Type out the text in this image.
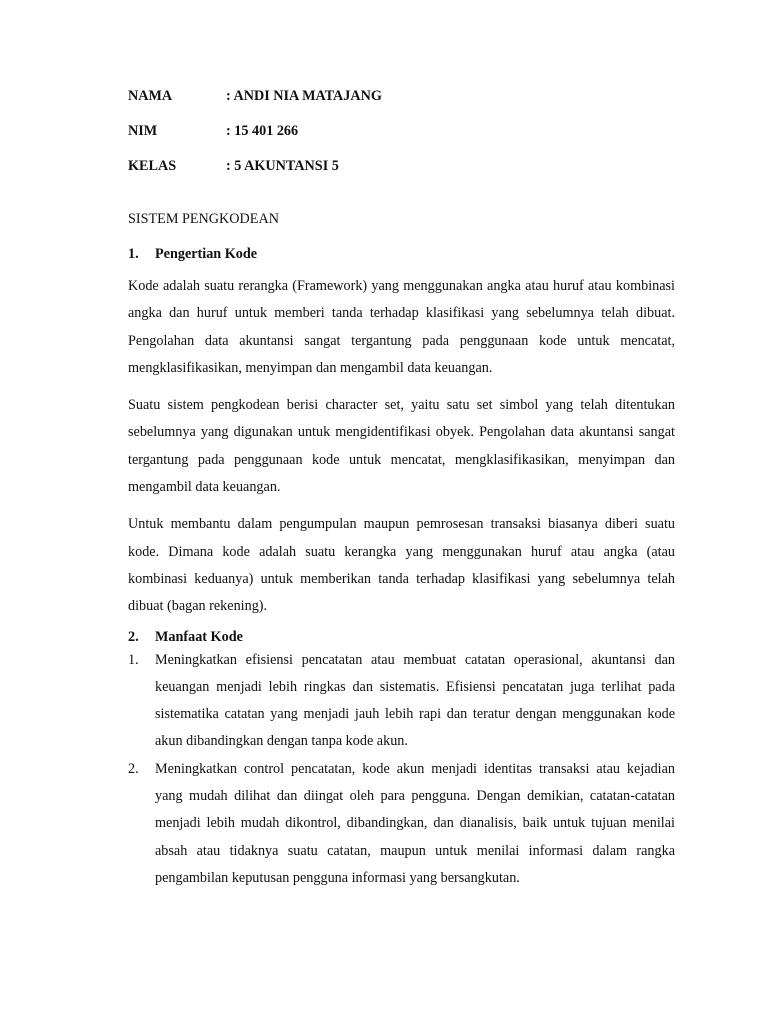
NAMA	: ANDI NIA MATAJANG
NIM	: 15 401 266
KELAS	: 5 AKUNTANSI 5
SISTEM PENGKODEAN
1.	Pengertian Kode

Kode adalah suatu rerangka (Framework) yang menggunakan angka atau huruf atau kombinasi angka dan huruf untuk memberi tanda terhadap klasifikasi yang sebelumnya telah dibuat. Pengolahan data akuntansi sangat tergantung pada penggunaan kode untuk mencatat, mengklasifikasikan, menyimpan dan mengambil data keuangan.

Suatu sistem pengkodean berisi character set, yaitu satu set simbol yang telah ditentukan sebelumnya yang digunakan untuk mengidentifikasi obyek. Pengolahan data akuntansi sangat tergantung pada penggunaan kode untuk mencatat, mengklasifikasikan, menyimpan dan mengambil data keuangan.

Untuk membantu dalam pengumpulan maupun pemrosesan transaksi biasanya diberi suatu kode. Dimana kode adalah suatu kerangka yang menggunakan huruf atau angka (atau kombinasi keduanya) untuk memberikan tanda terhadap klasifikasi yang sebelumnya telah dibuat (bagan rekening).

2.	Manfaat Kode
1.	Meningkatkan efisiensi pencatatan atau membuat catatan operasional, akuntansi dan keuangan menjadi lebih ringkas dan sistematis. Efisiensi pencatatan juga terlihat pada sistematika catatan yang menjadi jauh lebih rapi dan teratur dengan menggunakan kode akun dibandingkan dengan tanpa kode akun.
2.	Meningkatkan control pencatatan, kode akun menjadi identitas transaksi atau kejadian yang mudah dilihat dan diingat oleh para pengguna. Dengan demikian, catatan-catatan menjadi lebih mudah dikontrol, dibandingkan, dan dianalisis, baik untuk tujuan menilai absah atau tidaknya suatu catatan, maupun untuk menilai informasi dalam rangka pengambilan keputusan pengguna informasi yang bersangkutan.
